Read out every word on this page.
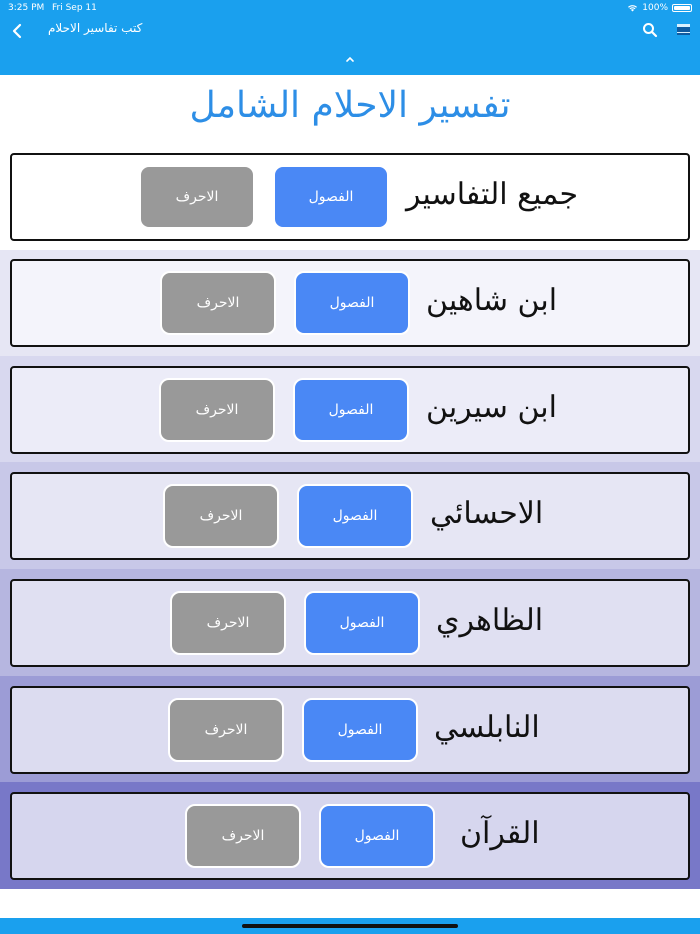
3:25 PM Fri Sep 11	100%
كتب تفاسير الاحلام
تفسير الاحلام الشامل
جميع التفاسير
الفصول
الاحرف
ابن شاهين
الفصول
الاحرف
ابن سيرين
الفصول
الاحرف
الاحسائي
الفصول
الاحرف
الظاهري
الفصول
الاحرف
النابلسي
الفصول
الاحرف
القرآن
الفصول
الاحرف
